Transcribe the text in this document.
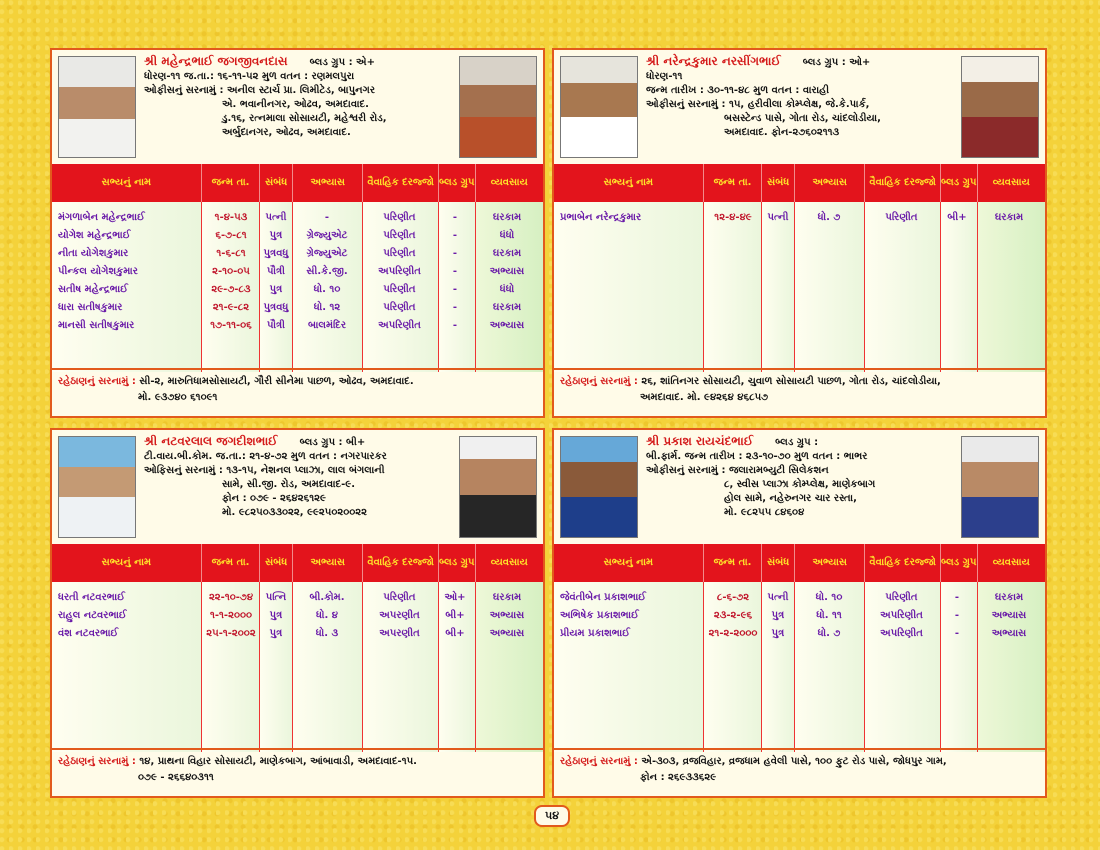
શ્રી મહેન્દ્રભાઈ જગજીવનદાસ બ્લડ ગ્રુપ : એ+
ધોરણ-૧૧ જ.તા.: ૧૬-૧૧-૫૨ મુળ વતન : રણમલપુરા
ઓફીસનું સરનામું : અનીલ સ્ટાર્ચ પ્રા. લિમીટેડ, બાપુનગર
એ. ભવાનીનગર, ઓઢવ, અમદાવાદ.
ડુ.૧૬, રત્નમાલા સોસાયટી, મહેશ્વરી રોડ,
અર્બુદાનગર, ઓઢવ, અમદાવાદ.
સભ્યનું નામ	જન્મ તા.	સંબંધ	અભ્યાસ	વૈવાહિક દરજ્જો બ્લડ ગ્રુપ	વ્યવસાય
મંગળાબેન મહેન્દ્રભાઈ	૧-૪-૫૩	પત્ની	-	પરિણીત	-	ઘરકામ
યોગેશ મહેન્દ્રભાઈ	૬-૭-૮૧	પુત્ર	ગ્રેજ્યુએટ	પરિણીત	-	ધંધો
નીતા યોગેશકુમાર	૧-૬-૮૧	પુત્રવધુ	ગ્રેજ્યુએટ	પરિણીત	-	ઘરકામ
પીન્કલ યોગેશકુમાર	૨-૧૦-૦૫	પૌત્રી	સી.કે.જી.	અપરિણીત	-	અભ્યાસ
સતીષ મહેન્દ્રભાઈ	૨૯-૭-૮૩	પુત્ર	ધો. ૧૦	પરિણીત	-	ધંધો
ધારા સતીષકુમાર	૨૧-૯-૮૨	પુત્રવધુ	ધો. ૧૨	પરિણીત	-	ઘરકામ
માનસી સતીષકુમાર	૧૭-૧૧-૦૬	પૌત્રી	બાલમંદિર	અપરિણીત	-	અભ્યાસ
રહેઠાણનું સરનામું : સી-૨, મારુતિધામસોસાયટી, ગૌરી સીનેમા પાછળ, ઓઢવ, અમદાવાદ.
મો. ૯૩૭૪૦ ૬૧૦૯૧
શ્રી નરેન્દ્રકુમાર નરસીંગભાઈ બ્લડ ગ્રુપ : ઓ+
ધોરણ-૧૧
જન્મ તારીખ : ૩૦-૧૧-૪૮ મુળ વતન : વારાહી
ઓફીસનું સરનામું : ૧૫, હરીવીલા કોમ્પ્લેક્ષ, જે.કે.પાર્ક,
બસસ્ટેન્ડ પાસે, ગોતા રોડ, ચાંદલોડીયા,
અમદાવાદ. ફોન-૨૭૬૦૨૧૧૩
સભ્યનું નામ	જન્મ તા.	સંબંધ	અભ્યાસ	વૈવાહિક દરજ્જો બ્લડ ગ્રુપ	વ્યવસાય
પ્રભાબેન નરેન્દ્રકુમાર	૧૨-૪-૪૯	પત્ની	ધો. ૭	પરિણીત	બી+	ઘરકામ
રહેઠાણનું સરનામું : ૨૬, શાંતિનગર સોસાયટી, ચુવાળ સોસાયટી પાછળ, ગોતા રોડ, ચાંદલોડીયા,
અમદાવાદ. મો. ૯૪૨૬૪ ૪૬૮૫૭
શ્રી નટવરલાલ જગદીશભાઈ બ્લડ ગ્રુપ : બી+
ટી.વાય.બી.કોમ. જ.તા.: ૨૧-૪-૭૨ મુળ વતન : નગરપારકર
ઓફિસનું સરનામું : ૧૩-૧૫, નેશનલ પ્લાઝા, લાલ બંગલાની
સામે, સી.જી. રોડ, અમદાવાદ-૯.
ફોન : ૦૭૯ - ૨૬૪૨૬૧૨૯
મો. ૯૮૨૫૦૩૩૦૨૨, ૯૯૨૫૦૨૦૦૨૨
સભ્યનું નામ	જન્મ તા.	સંબંધ	અભ્યાસ	વૈવાહિક દરજ્જો બ્લડ ગ્રુપ	વ્યવસાય
ધરતી નટવરભાઈ	૨૨-૧૦-૭૪	પત્નિ	બી.કોમ.	પરિણીત	ઓ+	ઘરકામ
રાહુલ નટવરભાઈ	૧-૧-૨૦૦૦	પુત્ર	ધો. ૪	અપરણીત	બી+	અભ્યાસ
વંશ નટવરભાઈ	૨૫-૧-૨૦૦૨	પુત્ર	ધો. ૩	અપરણીત	બી+	અભ્યાસ
રહેઠાણનું સરનામું : ૧૪, પ્રાથના વિહાર સોસાયટી, માણેકબાગ, આંબાવાડી, અમદાવાદ-૧૫.
૦૭૯ - ૨૬૬૪૦૩૧૧
શ્રી પ્રકાશ રાયચંદભાઈ બ્લડ ગ્રુપ :
બી.ફાર્મ. જન્મ તારીખ : ૨૩-૧૦-૭૦ મુળ વતન : ભાભર
ઓફીસનું સરનામું : જલારામબ્યુટી સિલેકશન
૮, સ્વીસ પ્લાઝા કોમ્પ્લેક્ષ, માણેકબાગ
હોલ સામે, નહેરુનગર ચાર રસ્તા,
મો. ૯૮૨૫૫ ૮૪૬૦૪
સભ્યનું નામ	જન્મ તા.	સંબંધ	અભ્યાસ	વૈવાહિક દરજ્જો બ્લડ ગ્રુપ	વ્યવસાય
જેવંતીબેન પ્રકાશભાઈ	૮-૬-૭૨	પત્ની	ધો. ૧૦	પરિણીત	-	ઘરકામ
અભિષેક પ્રકાશભાઈ	૨૩-૨-૯૬	પુત્ર	ધો. ૧૧	અપરિણીત	-	અભ્યાસ
પ્રીયમ પ્રકાશભાઈ	૨૧-૨-૨૦૦૦	પુત્ર	ધો. ૭	અપરિણીત	-	અભ્યાસ
રહેઠાણનું સરનામું : એ-૩૦૩, વ્રજવિહાર, વ્રજધામ હવેલી પાસે, ૧૦૦ ફુટ રોડ પાસે, જોધપુર ગામ,
ફોન : ૨૬૯૩૩૬૨૯
૫૪
